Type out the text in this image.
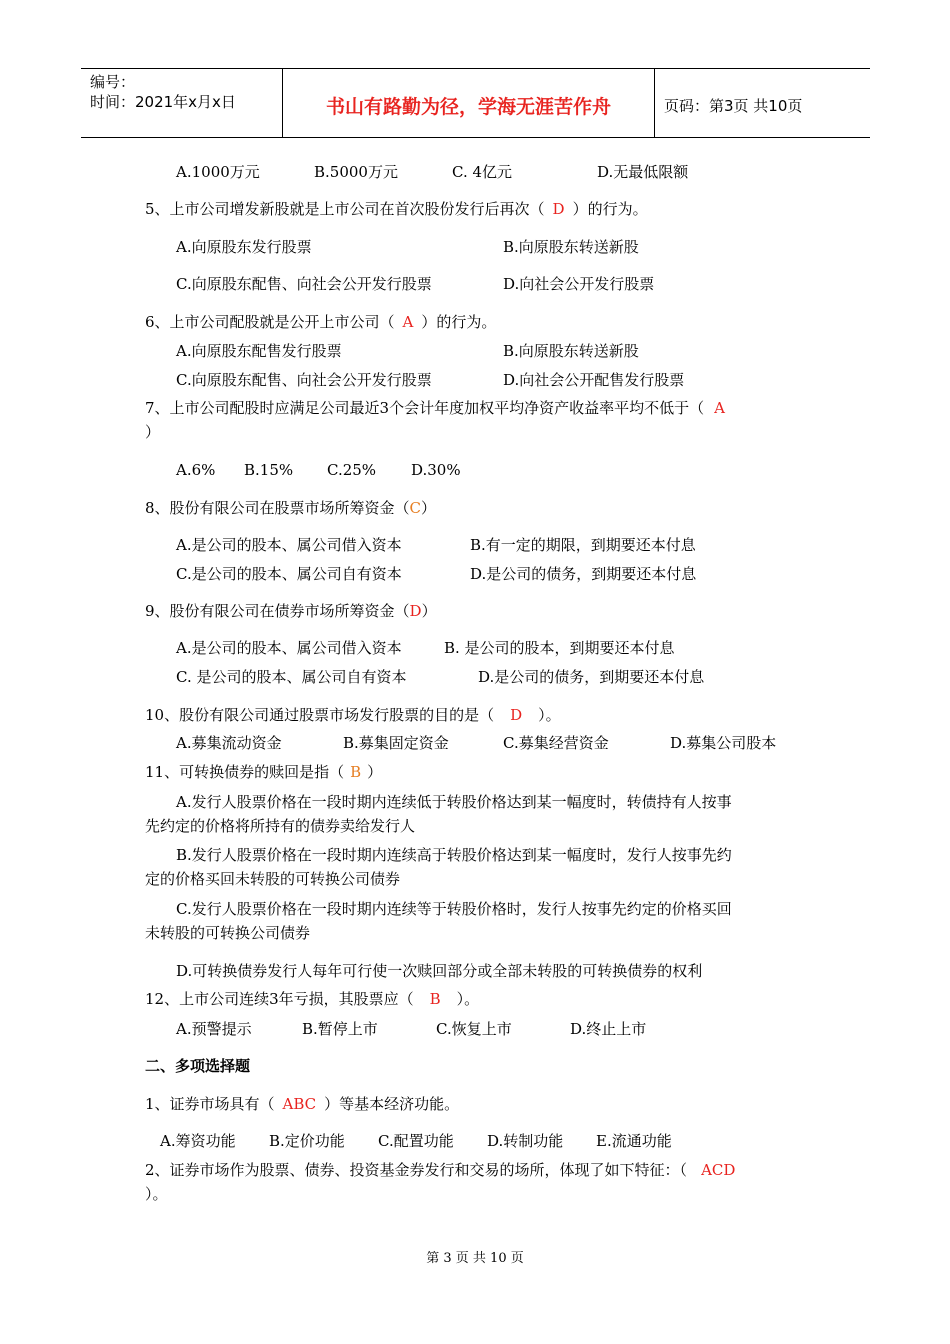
编号：
时间：2021年x月x日	书山有路勤为径，学海无涯苦作舟	页码：第3页 共10页
A.1000万元	B.5000万元	C. 4亿元	D.无最低限额
5、上市公司增发新股就是上市公司在首次股份发行后再次（ D ）的行为。
A.向原股东发行股票	B.向原股东转送新股
C.向原股东配售、向社会公开发行股票	D.向社会公开发行股票
6、上市公司配股就是公开上市公司（ A ）的行为。
A.向原股东配售发行股票	B.向原股东转送新股
C.向原股东配售、向社会公开发行股票	D.向社会公开配售发行股票
7、上市公司配股时应满足公司最近3个会计年度加权平均净资产收益率平均不低于（ A
）
A.6% B.15% C.25% D.30%
8、股份有限公司在股票市场所筹资金（C）
A.是公司的股本、属公司借入资本	B.有一定的期限，到期要还本付息
C.是公司的股本、属公司自有资本	D.是公司的债务，到期要还本付息
9、股份有限公司在债券市场所筹资金（D）
A.是公司的股本、属公司借入资本	B. 是公司的股本，到期要还本付息
C. 是公司的股本、属公司自有资本	D.是公司的债务，到期要还本付息
10、股份有限公司通过股票市场发行股票的目的是（ D ）。
A.募集流动资金	B.募集固定资金	C.募集经营资金	D.募集公司股本
11、可转换债券的赎回是指（ B ）
A.发行人股票价格在一段时期内连续低于转股价格达到某一幅度时，转债持有人按事
先约定的价格将所持有的债券卖给发行人
B.发行人股票价格在一段时期内连续高于转股价格达到某一幅度时，发行人按事先约
定的价格买回未转股的可转换公司债券
C.发行人股票价格在一段时期内连续等于转股价格时，发行人按事先约定的价格买回
未转股的可转换公司债券
D.可转换债券发行人每年可行使一次赎回部分或全部未转股的可转换债券的权利
12、上市公司连续3年亏损，其股票应（ B ）。
A.预警提示	B.暂停上市	C.恢复上市	D.终止上市
二、多项选择题
1、证券市场具有（ ABC ）等基本经济功能。
A.筹资功能 B.定价功能 C.配置功能 D.转制功能 E.流通功能
2、证券市场作为股票、债券、投资基金券发行和交易的场所，体现了如下特征：（ ACD
）。
第 3 页 共 10 页
